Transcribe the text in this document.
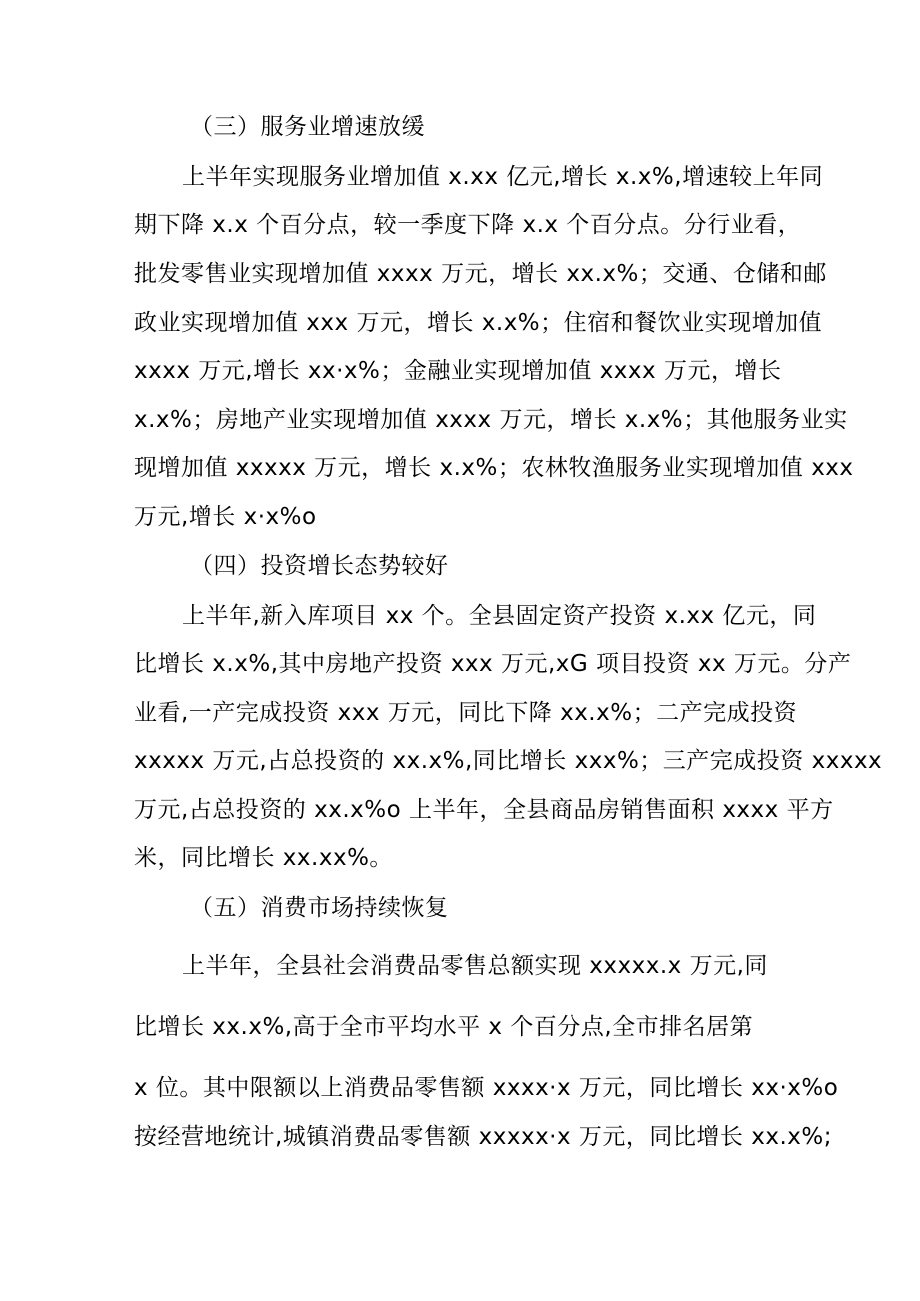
（三）服务业增速放缓
上半年实现服务业增加值 x.xx 亿元,增长 x.x%,增速较上年同
期下降 x.x 个百分点，较一季度下降 x.x 个百分点。分行业看，
批发零售业实现增加值 xxxx 万元，增长 xx.x%；交通、仓储和邮
政业实现增加值 xxx 万元，增长 x.x%；住宿和餐饮业实现增加值
xxxx 万元,增长 xx·x%；金融业实现增加值 xxxx 万元，增长
x.x%；房地产业实现增加值 xxxx 万元，增长 x.x%；其他服务业实
现增加值 xxxxx 万元，增长 x.x%；农林牧渔服务业实现增加值 xxx
万元,增长 x·x%o
（四）投资增长态势较好
上半年,新入库项目 xx 个。全县固定资产投资 x.xx 亿元，同
比增长 x.x%,其中房地产投资 xxx 万元,xG 项目投资 xx 万元。分产
业看,一产完成投资 xxx 万元，同比下降 xx.x%；二产完成投资
xxxxx 万元,占总投资的 xx.x%,同比增长 xxx%；三产完成投资 xxxxx
万元,占总投资的 xx.x%o 上半年，全县商品房销售面积 xxxx 平方
米，同比增长 xx.xx%。
（五）消费市场持续恢复
上半年，全县社会消费品零售总额实现 xxxxx.x 万元,同
比增长 xx.x%,高于全市平均水平 x 个百分点,全市排名居第
x 位。其中限额以上消费品零售额 xxxx·x 万元，同比增长 xx·x%o
按经营地统计,城镇消费品零售额 xxxxx·x 万元，同比增长 xx.x%;
